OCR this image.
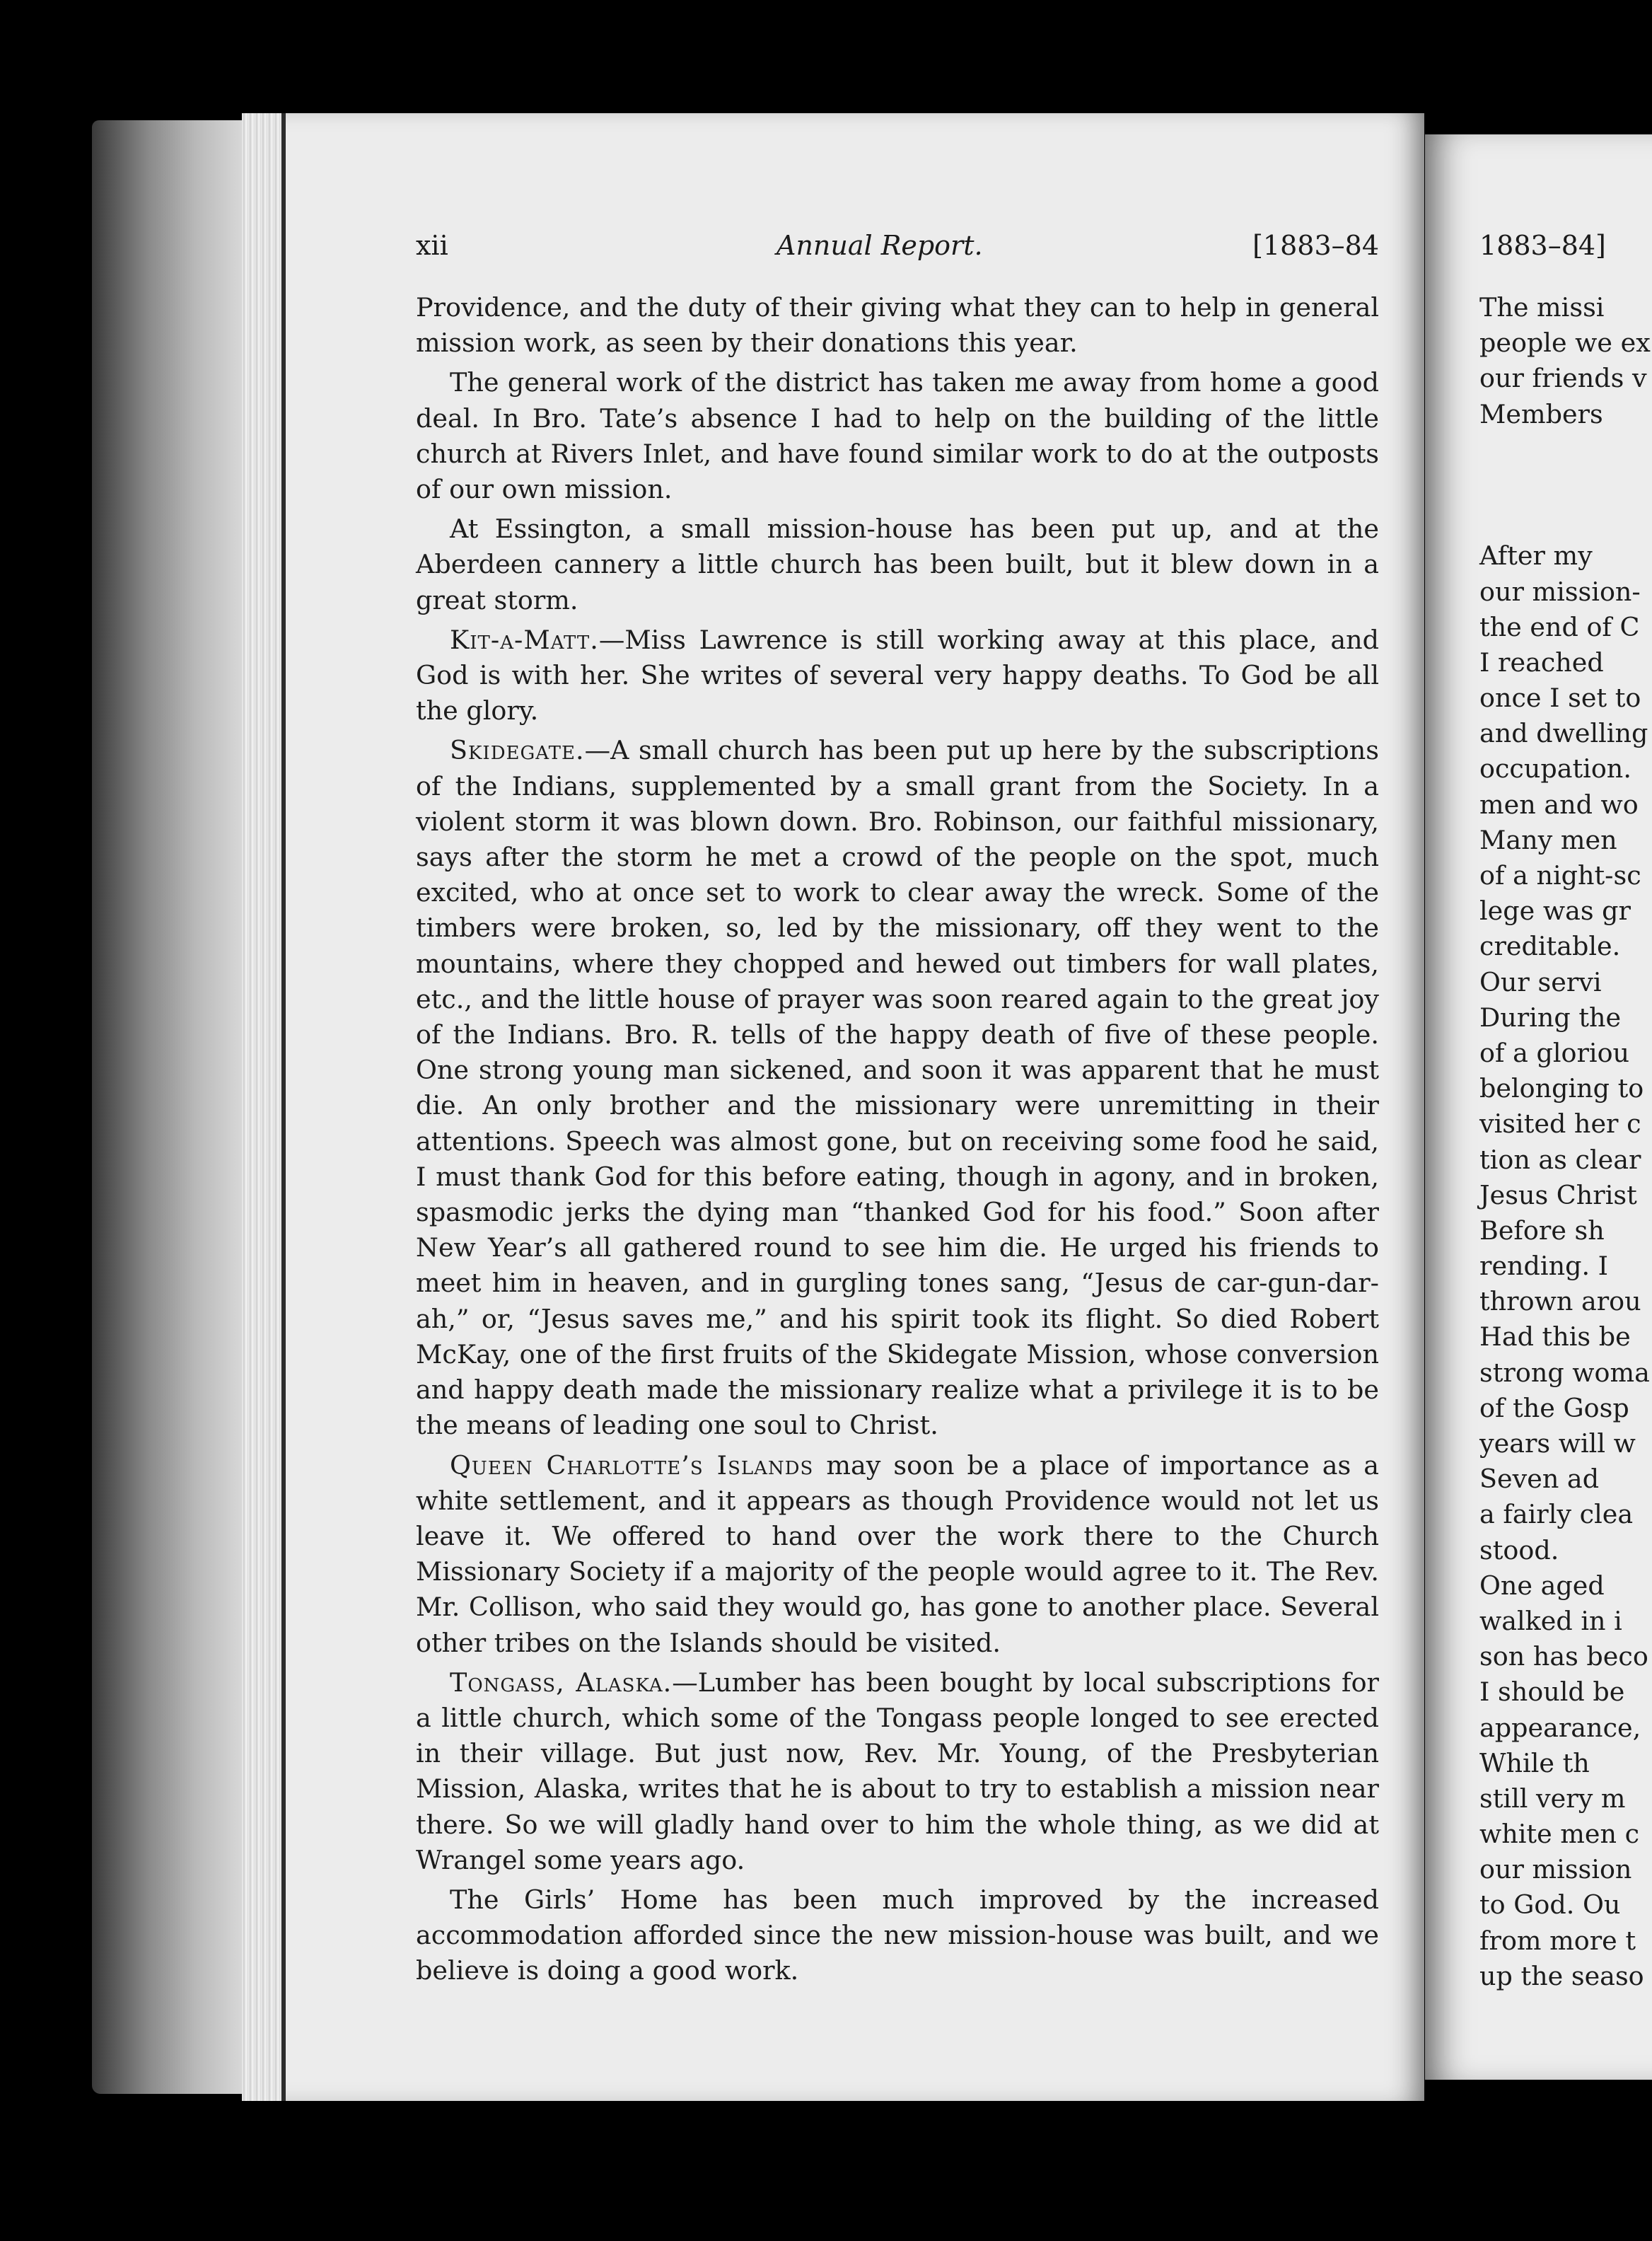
xii	Annual Report.	[1883–84

Providence, and the duty of their giving what they can to help in general mission work, as seen by their donations this year.

The general work of the district has taken me away from home a good deal. In Bro. Tate’s absence I had to help on the building of the little church at Rivers Inlet, and have found similar work to do at the outposts of our own mission.

At Essington, a small mission-house has been put up, and at the Aberdeen cannery a little church has been built, but it blew down in a great storm.

Kit-a-Matt.—Miss Lawrence is still working away at this place, and God is with her. She writes of several very happy deaths. To God be all the glory.

Skidegate.—A small church has been put up here by the subscriptions of the Indians, supplemented by a small grant from the Society. In a violent storm it was blown down. Bro. Robinson, our faithful missionary, says after the storm he met a crowd of the people on the spot, much excited, who at once set to work to clear away the wreck. Some of the timbers were broken, so, led by the missionary, off they went to the mountains, where they chopped and hewed out timbers for wall plates, etc., and the little house of prayer was soon reared again to the great joy of the Indians. Bro. R. tells of the happy death of five of these people. One strong young man sickened, and soon it was apparent that he must die. An only brother and the missionary were unremitting in their attentions. Speech was almost gone, but on receiving some food he said, I must thank God for this before eating, though in agony, and in broken, spasmodic jerks the dying man “thanked God for his food.” Soon after New Year’s all gathered round to see him die. He urged his friends to meet him in heaven, and in gurgling tones sang, “Jesus de car-gun-dar-ah,” or, “Jesus saves me,” and his spirit took its flight. So died Robert McKay, one of the first fruits of the Skidegate Mission, whose conversion and happy death made the missionary realize what a privilege it is to be the means of leading one soul to Christ.

Queen Charlotte’s Islands may soon be a place of importance as a white settlement, and it appears as though Providence would not let us leave it. We offered to hand over the work there to the Church Missionary Society if a majority of the people would agree to it. The Rev. Mr. Collison, who said they would go, has gone to another place. Several other tribes on the Islands should be visited.

Tongass, Alaska.—Lumber has been bought by local subscriptions for a little church, which some of the Tongass people longed to see erected in their village. But just now, Rev. Mr. Young, of the Presbyterian Mission, Alaska, writes that he is about to try to establish a mission near there. So we will gladly hand over to him the whole thing, as we did at Wrangel some years ago.

The Girls’ Home has been much improved by the increased accommodation afforded since the new mission-house was built, and we believe is doing a good work.

1883–84]
The missi
people we ex
our friends v
Members
After my
our mission-
the end of C
I reached
once I set to
and dwelling
occupation.
men and wo
Many men
of a night-sc
lege was gr
creditable.
Our servi
During the
of a gloriou
belonging to
visited her c
tion as clear
Jesus Christ
Before sh
rending. I
thrown arou
Had this be
strong woma
of the Gosp
years will w
Seven ad
a fairly clea
stood.
One aged
walked in i
son has beco
I should be
appearance,
While th
still very m
white men c
our mission
to God. Ou
from more t
up the seaso
